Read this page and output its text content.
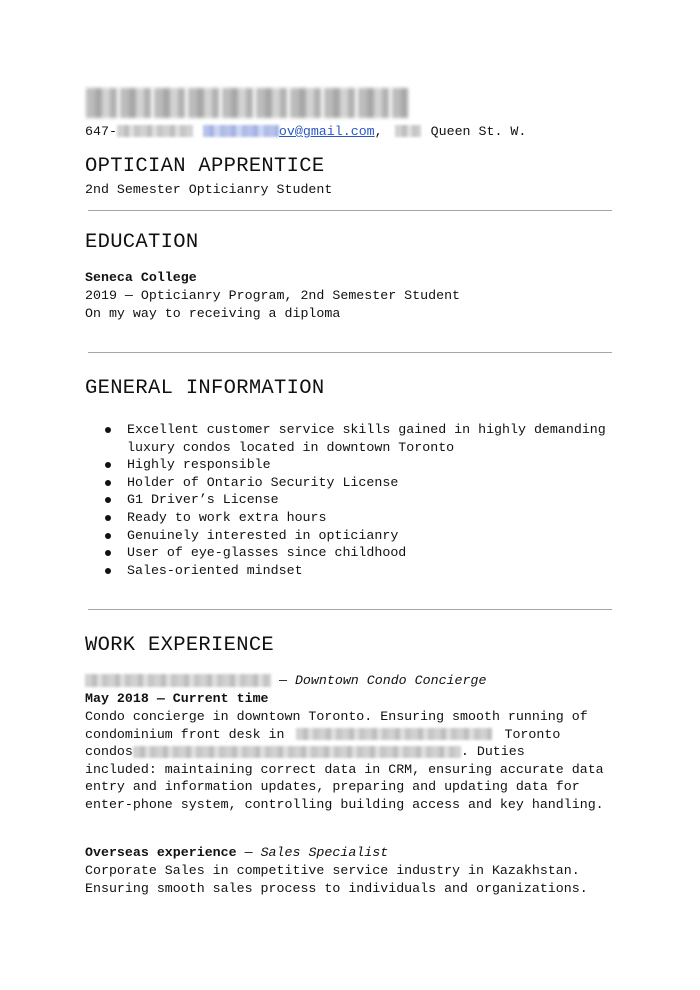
647-	ov@gmail.com,	Queen St. W.
OPTICIAN APPRENTICE
2nd Semester Opticianry Student
EDUCATION
Seneca College
2019 — Opticianry Program, 2nd Semester Student
On my way to receiving a diploma
GENERAL INFORMATION
Excellent customer service skills gained in highly demanding
luxury condos located in downtown Toronto
Highly responsible
Holder of Ontario Security License
G1 Driver’s License
Ready to work extra hours
Genuinely interested in opticianry
User of eye-glasses since childhood
Sales-oriented mindset
WORK EXPERIENCE
— Downtown Condo Concierge
May 2018 — Current time
Condo concierge in downtown Toronto. Ensuring smooth running of
condominium front desk in	Toronto
condos	. Duties
included: maintaining correct data in CRM, ensuring accurate data
entry and information updates, preparing and updating data for
enter-phone system, controlling building access and key handling.
Overseas experience — Sales Specialist
Corporate Sales in competitive service industry in Kazakhstan.
Ensuring smooth sales process to individuals and organizations.
